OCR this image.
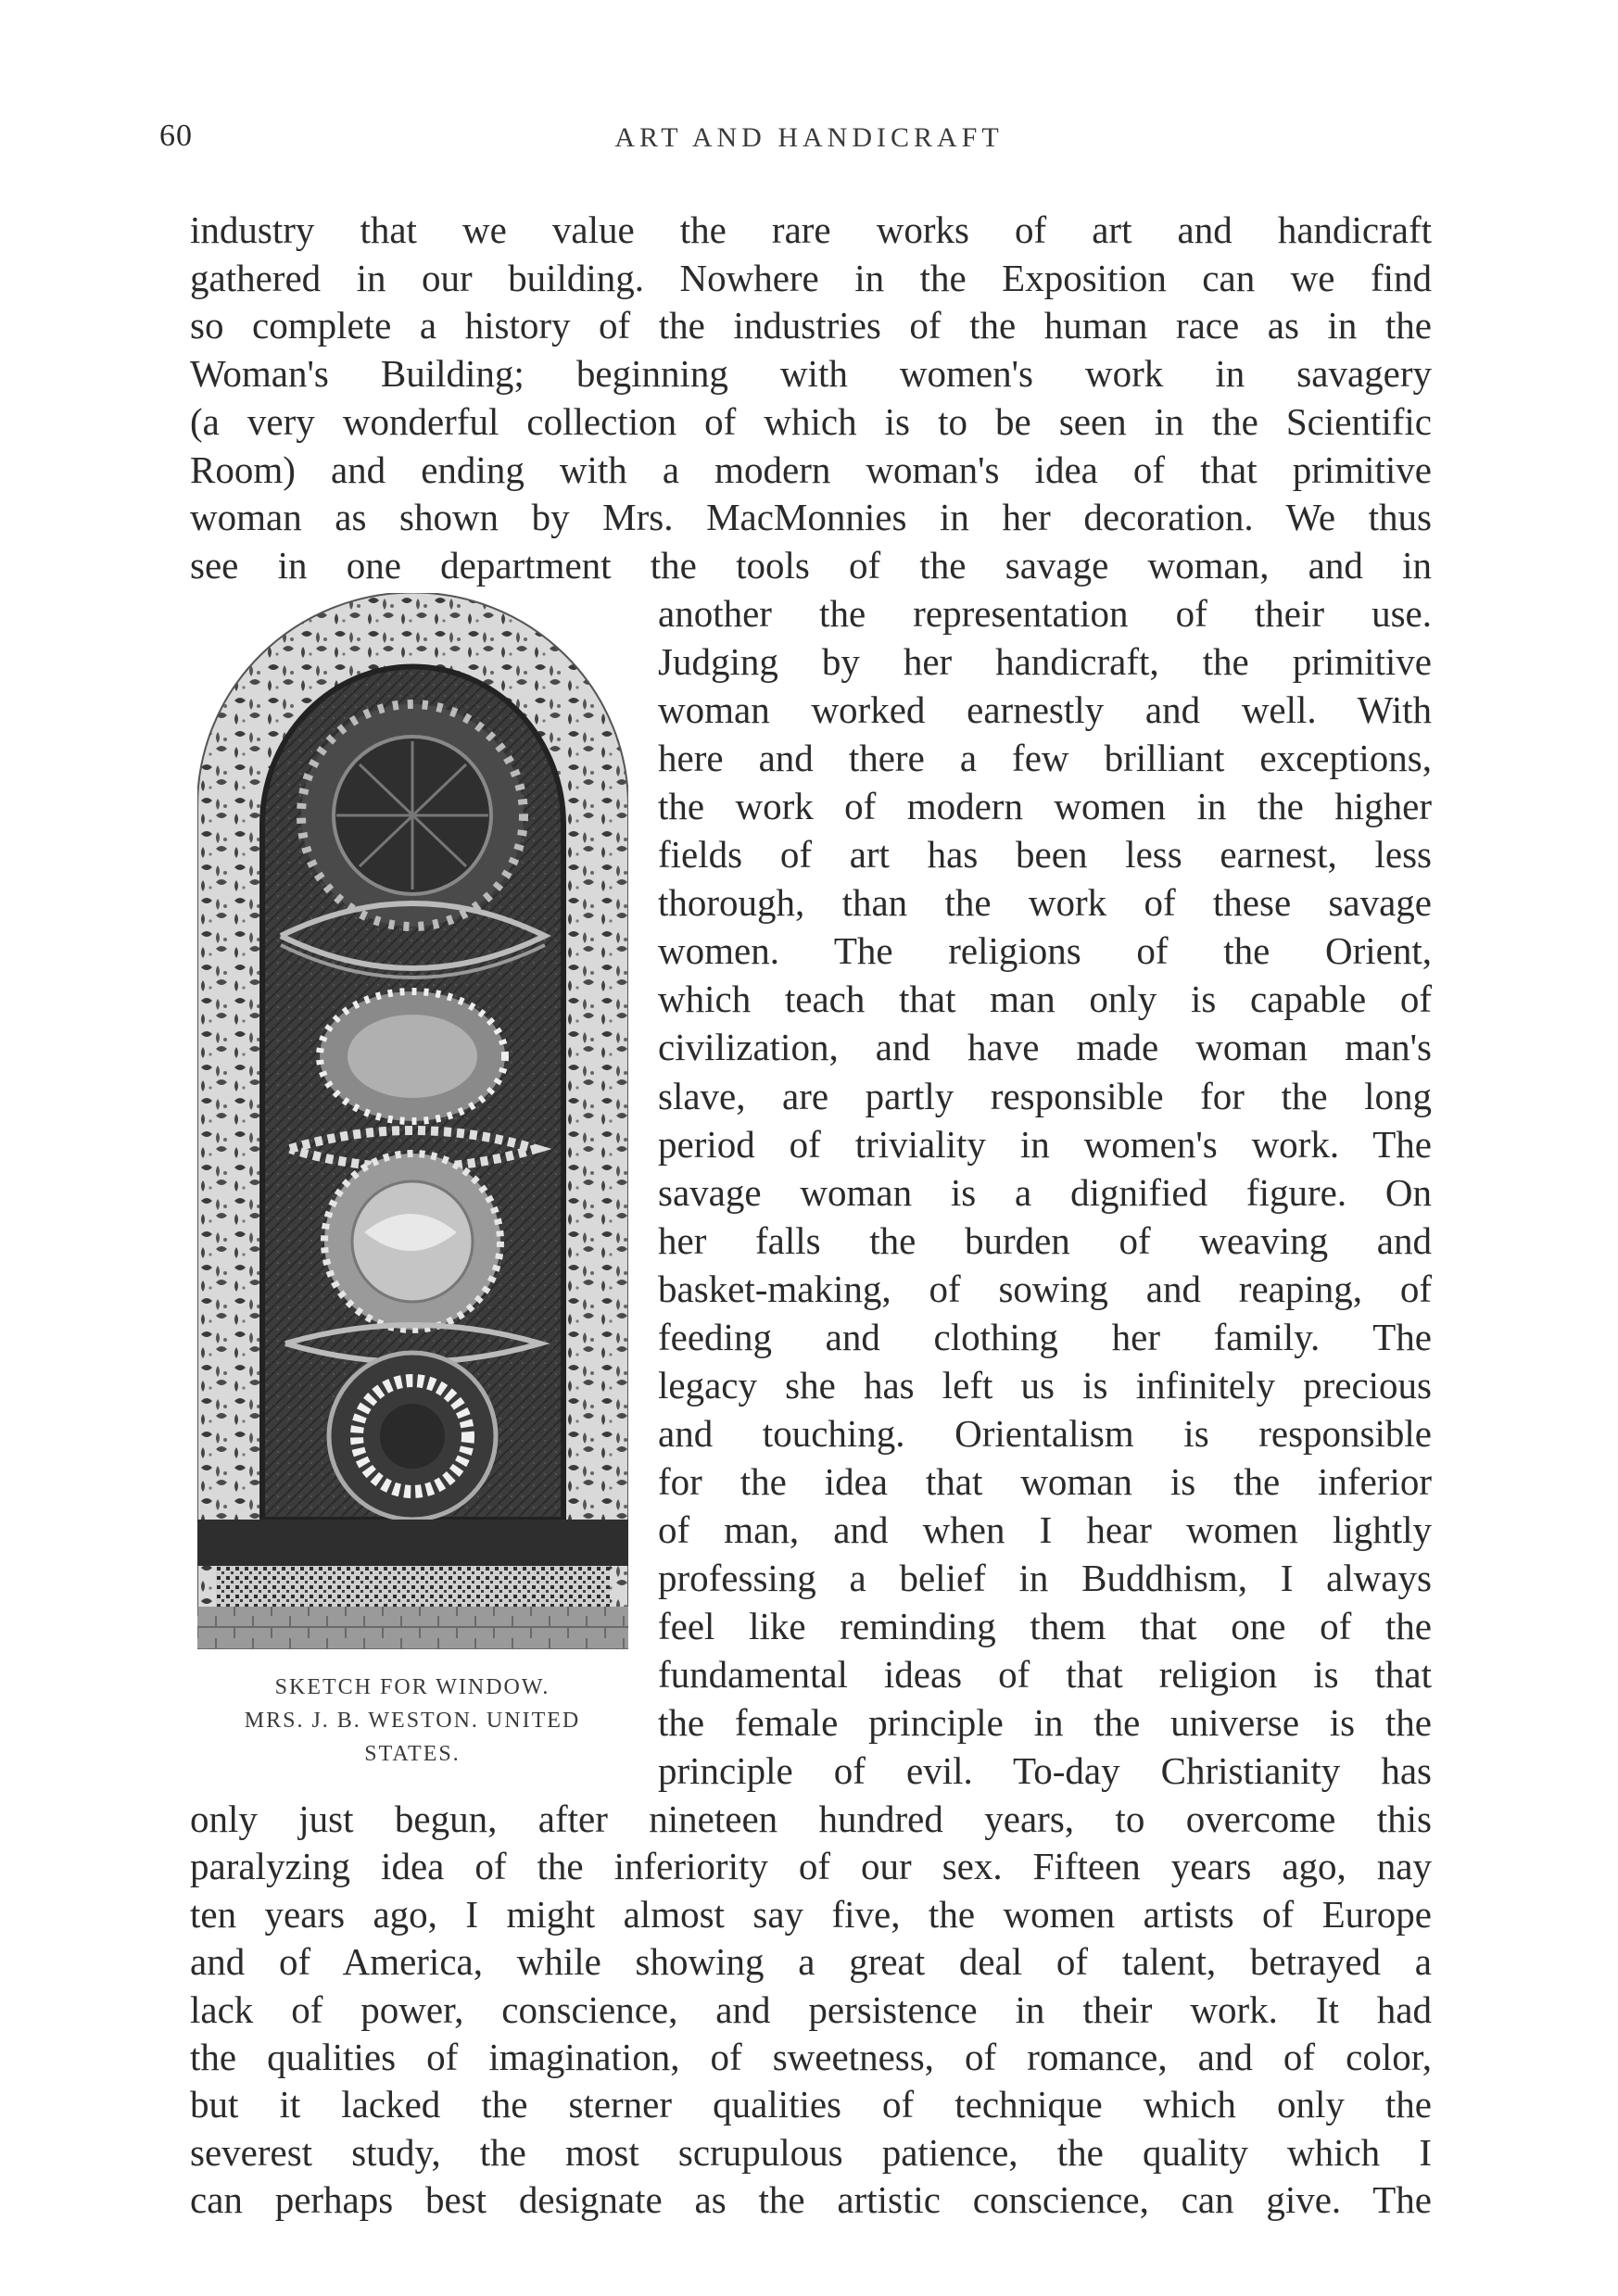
60	ART AND HANDICRAFT
industry that we value the rare works of art and handicraft
gathered in our building. Nowhere in the Exposition can we find
so complete a history of the industries of the human race as in the
Woman's Building; beginning with women's work in savagery
(a very wonderful collection of which is to be seen in the Scientific
Room) and ending with a modern woman's idea of that primitive
woman as shown by Mrs. MacMonnies in her decoration. We thus
see in one department the tools of the savage woman, and in
another the representation of their use.
Judging by her handicraft, the primitive
woman worked earnestly and well. With
here and there a few brilliant exceptions,
the work of modern women in the higher
fields of art has been less earnest, less
thorough, than the work of these savage
women. The religions of the Orient,
which teach that man only is capable of
civilization, and have made woman man's
slave, are partly responsible for the long
period of triviality in women's work. The
savage woman is a dignified figure. On
her falls the burden of weaving and
basket-making, of sowing and reaping, of
feeding and clothing her family. The
legacy she has left us is infinitely precious
and touching. Orientalism is responsible
for the idea that woman is the inferior
of man, and when I hear women lightly
professing a belief in Buddhism, I always
feel like reminding them that one of the
fundamental ideas of that religion is that
the female principle in the universe is the
principle of evil. To-day Christianity has
only just begun, after nineteen hundred years, to overcome this
paralyzing idea of the inferiority of our sex. Fifteen years ago, nay
ten years ago, I might almost say five, the women artists of Europe
and of America, while showing a great deal of talent, betrayed a
lack of power, conscience, and persistence in their work. It had
the qualities of imagination, of sweetness, of romance, and of color,
but it lacked the sterner qualities of technique which only the
severest study, the most scrupulous patience, the quality which I
can perhaps best designate as the artistic conscience, can give. The
SKETCH FOR WINDOW.
MRS. J. B. WESTON. UNITED
STATES.
